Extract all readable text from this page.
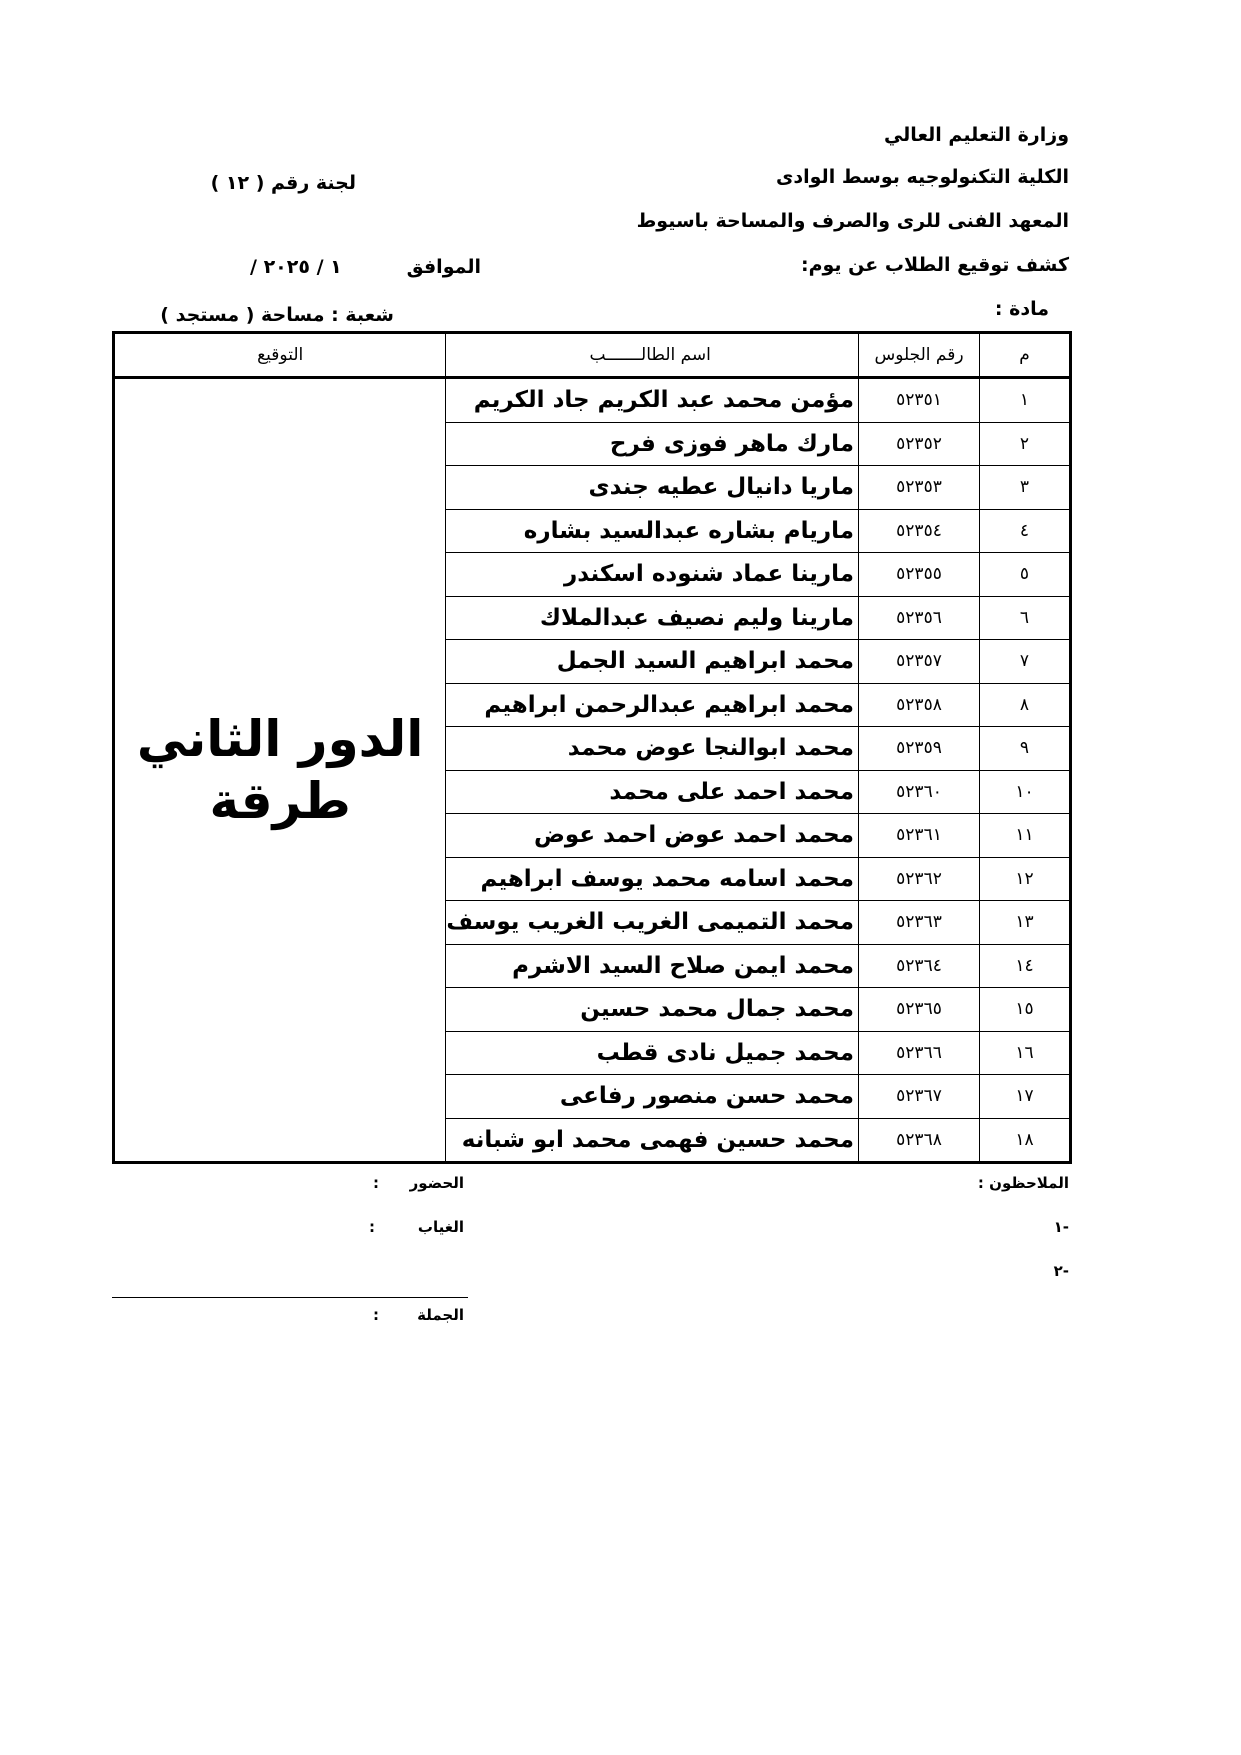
وزارة التعليم العالي
الكلية التكنولوجيه بوسط الوادى
لجنة رقم ( ١٢ )
المعهد الفنى للرى والصرف والمساحة باسيوط
كشف توقيع الطلاب عن يوم:
الموافق
/ ١ / ٢٠٢٥
مادة :
شعبة : مساحة ( مستجد )
م	رقم الجلوس	اسم الطالـــــــب	التوقيع
١	٥٢٣٥١	مؤمن محمد عبد الكريم جاد الكريم	الدور الثاني
طرقة

٢	٥٢٣٥٢	مارك ماهر فوزى فرح	
٣	٥٢٣٥٣	ماريا دانيال عطيه جندى	
٤	٥٢٣٥٤	ماريام بشاره عبدالسيد بشاره	
٥	٥٢٣٥٥	مارينا عماد شنوده اسكندر	
٦	٥٢٣٥٦	مارينا وليم نصيف عبدالملاك	
٧	٥٢٣٥٧	محمد ابراهيم السيد الجمل	
٨	٥٢٣٥٨	محمد ابراهيم عبدالرحمن ابراهيم	
٩	٥٢٣٥٩	محمد ابوالنجا عوض محمد	
١٠	٥٢٣٦٠	محمد احمد على محمد	
١١	٥٢٣٦١	محمد احمد عوض احمد عوض	
١٢	٥٢٣٦٢	محمد اسامه محمد يوسف ابراهيم	
١٣	٥٢٣٦٣	محمد التميمى الغريب الغريب يوسف	
١٤	٥٢٣٦٤	محمد ايمن صلاح السيد الاشرم	
١٥	٥٢٣٦٥	محمد جمال محمد حسين	
١٦	٥٢٣٦٦	محمد جميل نادى قطب	
١٧	٥٢٣٦٧	محمد حسن منصور رفاعى	
١٨	٥٢٣٦٨	محمد حسين فهمى محمد ابو شبانه	
الملاحظون :
-١
-٢
الحضور
:
الغياب
:
الجملة
:
